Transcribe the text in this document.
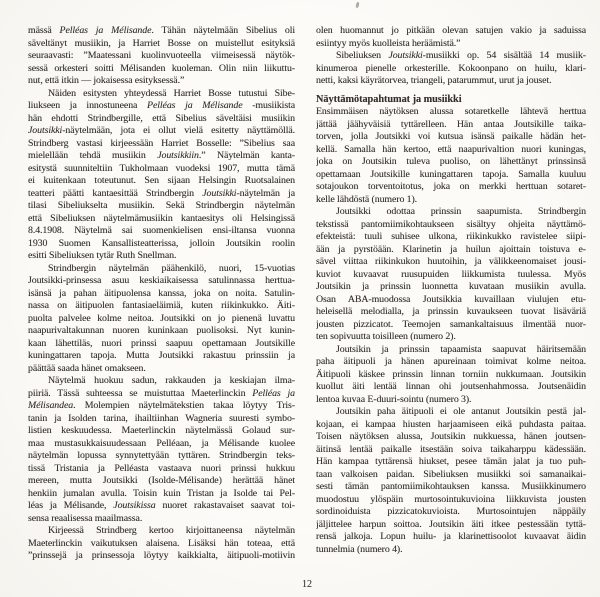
mässä Pelléas ja Mélisande. Tähän näytelmään Sibelius oli
säveltänyt musiikin, ja Harriet Bosse on muistellut esityksiä
seuraavasti: ”Maatessani kuolinvuoteella viimeisessä näytök-
sessä orkesteri soitti Mélisanden kuoleman. Olin niin liikuttu-
nut, että itkin — jokaisessa esityksessä.”
Näiden esitysten yhteydessä Harriet Bosse tutustui Sibe-
liukseen ja innostuneena Pelléas ja Mélisande -musiikista
hän ehdotti Strindbergille, että Sibelius säveltäisi musiikin
Joutsikki-näytelmään, jota ei ollut vielä esitetty näyttämöllä.
Strindberg vastasi kirjeessään Harriet Bosselle: ”Sibelius saa
mielellään tehdä musiikin Joutsikkiin.” Näytelmän kanta-
esitystä suunniteltiin Tukholmaan vuodeksi 1907, mutta tämä
ei kuitenkaan toteutunut. Sen sijaan Helsingin Ruotsalainen
teatteri päätti kantaesittää Strindbergin Joutsikki-näytelmän ja
tilasi Sibeliukselta musiikin. Sekä Strindbergin näytelmän
että Sibeliuksen näytelmämusiikin kantaesitys oli Helsingissä
8.4.1908. Näytelmä sai suomenkielisen ensi-iltansa vuonna
1930 Suomen Kansallisteatterissa, jolloin Joutsikin roolin
esitti Sibeliuksen tytär Ruth Snellman.
Strindbergin näytelmän päähenkilö, nuori, 15-vuotias
Joutsikki-prinsessa asuu keskiaikaisessa satulinnassa herttua-
isänsä ja pahan äitipuolensa kanssa, joka on noita. Satulin-
nassa on äitipuolen fantasiaeläimiä, kuten riikinkukko. Äiti-
puolta palvelee kolme neitoa. Joutsikki on jo pienenä luvattu
naapurivaltakunnan nuoren kuninkaan puolisoksi. Nyt kunin-
kaan lähettiläs, nuori prinssi saapuu opettamaan Joutsikille
kuningattaren tapoja. Mutta Joutsikki rakastuu prinssiin ja
päättää saada hänet omakseen.
Näytelmä huokuu sadun, rakkauden ja keskiajan ilma-
piiriä. Tässä suhteessa se muistuttaa Maeterlinckin Pelléas ja
Mélisandea. Molempien näytelmätekstien takaa löytyy Tris-
tanin ja Isolden tarina, ihailtiinhan Wagneria suuresti symbo-
listien keskuudessa. Maeterlinckin näytelmässä Golaud sur-
maa mustasukkaisuudessaan Pelléaan, ja Mélisande kuolee
näytelmän lopussa synnytettyään tyttären. Strindbergin teks-
tissä Tristania ja Pelléasta vastaava nuori prinssi hukkuu
mereen, mutta Joutsikki (Isolde-Mélisande) herättää hänet
henkiin jumalan avulla. Toisin kuin Tristan ja Isolde tai Pel-
léas ja Mélisande, Joutsikissa nuoret rakastavaiset saavat toi-
sensa reaalisessa maailmassa.
Kirjeessä Strindberg kertoo kirjoittaneensa näytelmän
Maeterlinckin vaikutuksen alaisena. Lisäksi hän toteaa, että
”prinssejä ja prinsessoja löytyy kaikkialta, äitipuoli-motiivin
olen huomannut jo pitkään olevan satujen vakio ja saduissa
esiintyy myös kuolleista heräämistä.”
Sibeliuksen Joutsikki-musiikki op. 54 sisältää 14 musiik-
kinumeroa pienelle orkesterille. Kokoonpano on huilu, klari-
netti, kaksi käyrätorvea, triangeli, patarummut, urut ja jouset.
Näyttämötapahtumat ja musiikki
Ensimmäisen näytöksen alussa sotaretkelle lähtevä herttua
jättää jäähyväisiä tyttärelleen. Hän antaa Joutsikille taika-
torven, jolla Joutsikki voi kutsua isänsä paikalle hädän het-
kellä. Samalla hän kertoo, että naapurivaltion nuori kuningas,
joka on Joutsikin tuleva puoliso, on lähettänyt prinssinsä
opettamaan Joutsikille kuningattaren tapoja. Samalla kuuluu
sotajoukon torventoitotus, joka on merkki herttuan sotaret-
kelle lähdöstä (numero 1).
Joutsikki odottaa prinssin saapumista. Strindbergin
tekstissä pantomiimikohtaukseen sisältyy ohjeita näyttämö-
efekteistä: tuuli suhisee ulkona, riikinkukko ravistelee siipi-
ään ja pyrstöään. Klarinetin ja huilun ajoittain toistuva e-
sävel viittaa riikinkukon huutoihin, ja välikkeenomaiset jousi-
kuviot kuvaavat ruusupuiden liikkumista tuulessa. Myös
Joutsikin ja prinssin luonnetta kuvataan musiikin avulla.
Osan ABA-muodossa Joutsikkia kuvaillaan viulujen etu-
heleisellä melodialla, ja prinssin kuvaukseen tuovat lisäväriä
jousten pizzicatot. Teemojen samankaltaisuus ilmentää nuor-
ten sopivuutta toisilleen (numero 2).
Joutsikin ja prinssin tapaamista saapuvat häiritsemään
paha äitipuoli ja hänen apureinaan toimivat kolme neitoa.
Äitipuoli käskee prinssin linnan torniin nukkumaan. Joutsikin
kuollut äiti lentää linnan ohi joutsenhahmossa. Joutsenäidin
lentoa kuvaa E-duuri-sointu (numero 3).
Joutsikin paha äitipuoli ei ole antanut Joutsikin pestä jal-
kojaan, ei kampaa hiusten harjaamiseen eikä puhdasta paitaa.
Toisen näytöksen alussa, Joutsikin nukkuessa, hänen joutsen-
äitinsä lentää paikalle itsestään soiva taikaharppu kädessään.
Hän kampaa tyttärensä hiukset, pesee tämän jalat ja tuo puh-
taan valkoisen paidan. Sibeliuksen musiikki soi samanaikai-
sesti tämän pantomiimikohtauksen kanssa. Musiikkinumero
muodostuu ylöspäin murtosointukuvioina liikkuvista jousten
sordinoiduista pizzicatokuvioista. Murtosointujen näppäily
jäljittelee harpun soittoa. Joutsikin äiti itkee pestessään tyttä-
rensä jalkoja. Lopun huilu- ja klarinettisoolot kuvaavat äidin
tunnelmia (numero 4).
12
